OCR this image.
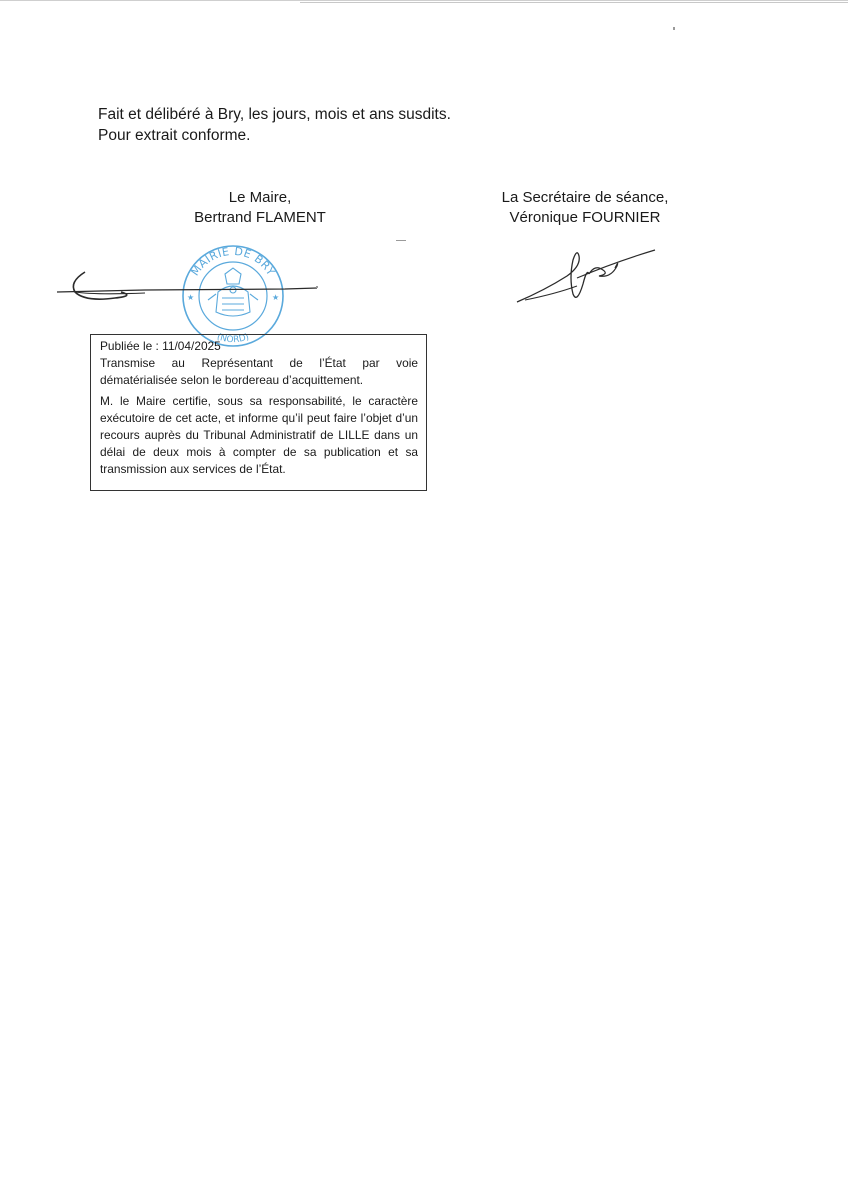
Fait et délibéré à Bry, les jours, mois et ans susdits.
Pour extrait conforme.
Le Maire,
Bertrand FLAMENT
La Secrétaire de séance,
Véronique FOURNIER
MAIRIE DE BRY
(NORD)
★	★

Publiée le : 11/04/2025

Transmise au Représentant de l’État par voie dématérialisée selon le bordereau d’acquittement.

M. le Maire certifie, sous sa responsabilité, le caractère exécutoire de cet acte, et informe qu’il peut faire l’objet d’un recours auprès du Tribunal Administratif de LILLE dans un délai de deux mois à compter de sa publication et sa transmission aux services de l’État.
